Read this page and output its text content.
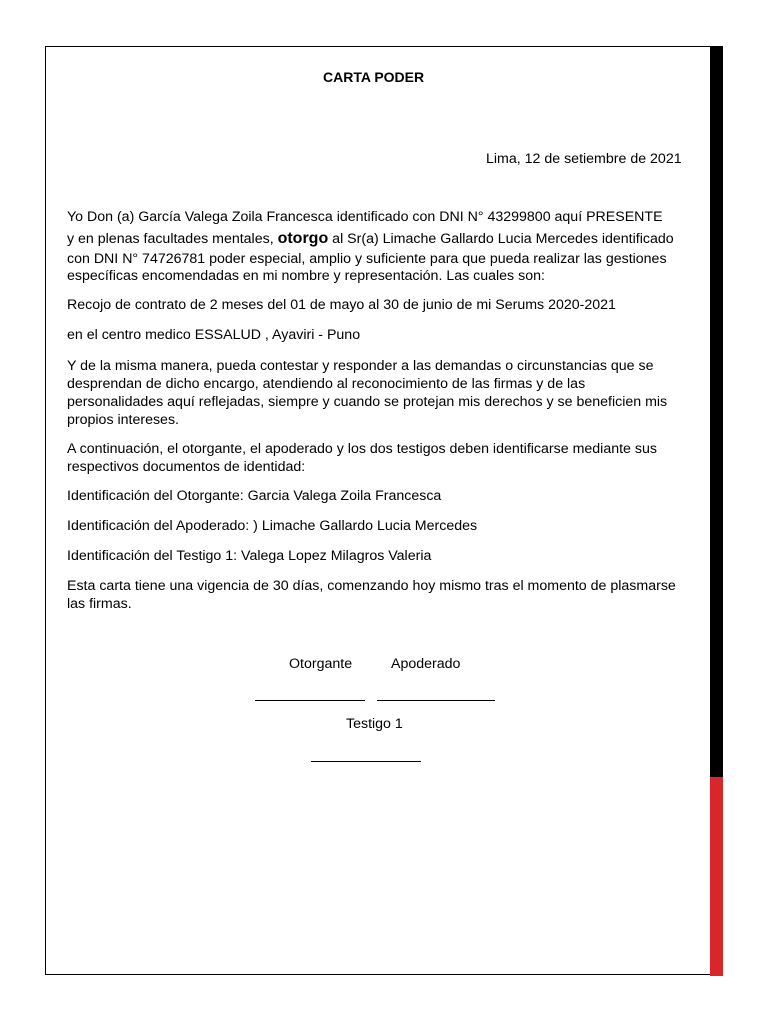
CARTA PODER
Lima, 12 de setiembre de 2021
Yo Don (a) García Valega Zoila Francesca identificado con DNI N° 43299800 aquí PRESENTE
y en plenas facultades mentales, otorgo al Sr(a) Limache Gallardo Lucia Mercedes identificado
con DNI N° 74726781 poder especial, amplio y suficiente para que pueda realizar las gestiones
específicas encomendadas en mi nombre y representación. Las cuales son:
Recojo de contrato de 2 meses del 01 de mayo al 30 de junio de mi Serums 2020-2021
en el centro medico ESSALUD , Ayaviri - Puno
Y de la misma manera, pueda contestar y responder a las demandas o circunstancias que se
desprendan de dicho encargo, atendiendo al reconocimiento de las firmas y de las
personalidades aquí reflejadas, siempre y cuando se protejan mis derechos y se beneficien mis
propios intereses.
A continuación, el otorgante, el apoderado y los dos testigos deben identificarse mediante sus
respectivos documentos de identidad:
Identificación del Otorgante: Garcia Valega Zoila Francesca
Identificación del Apoderado: ) Limache Gallardo Lucia Mercedes
Identificación del Testigo 1: Valega Lopez Milagros Valeria
Esta carta tiene una vigencia de 30 días, comenzando hoy mismo tras el momento de plasmarse
las firmas.
Otorgante	Apoderado
Testigo 1
